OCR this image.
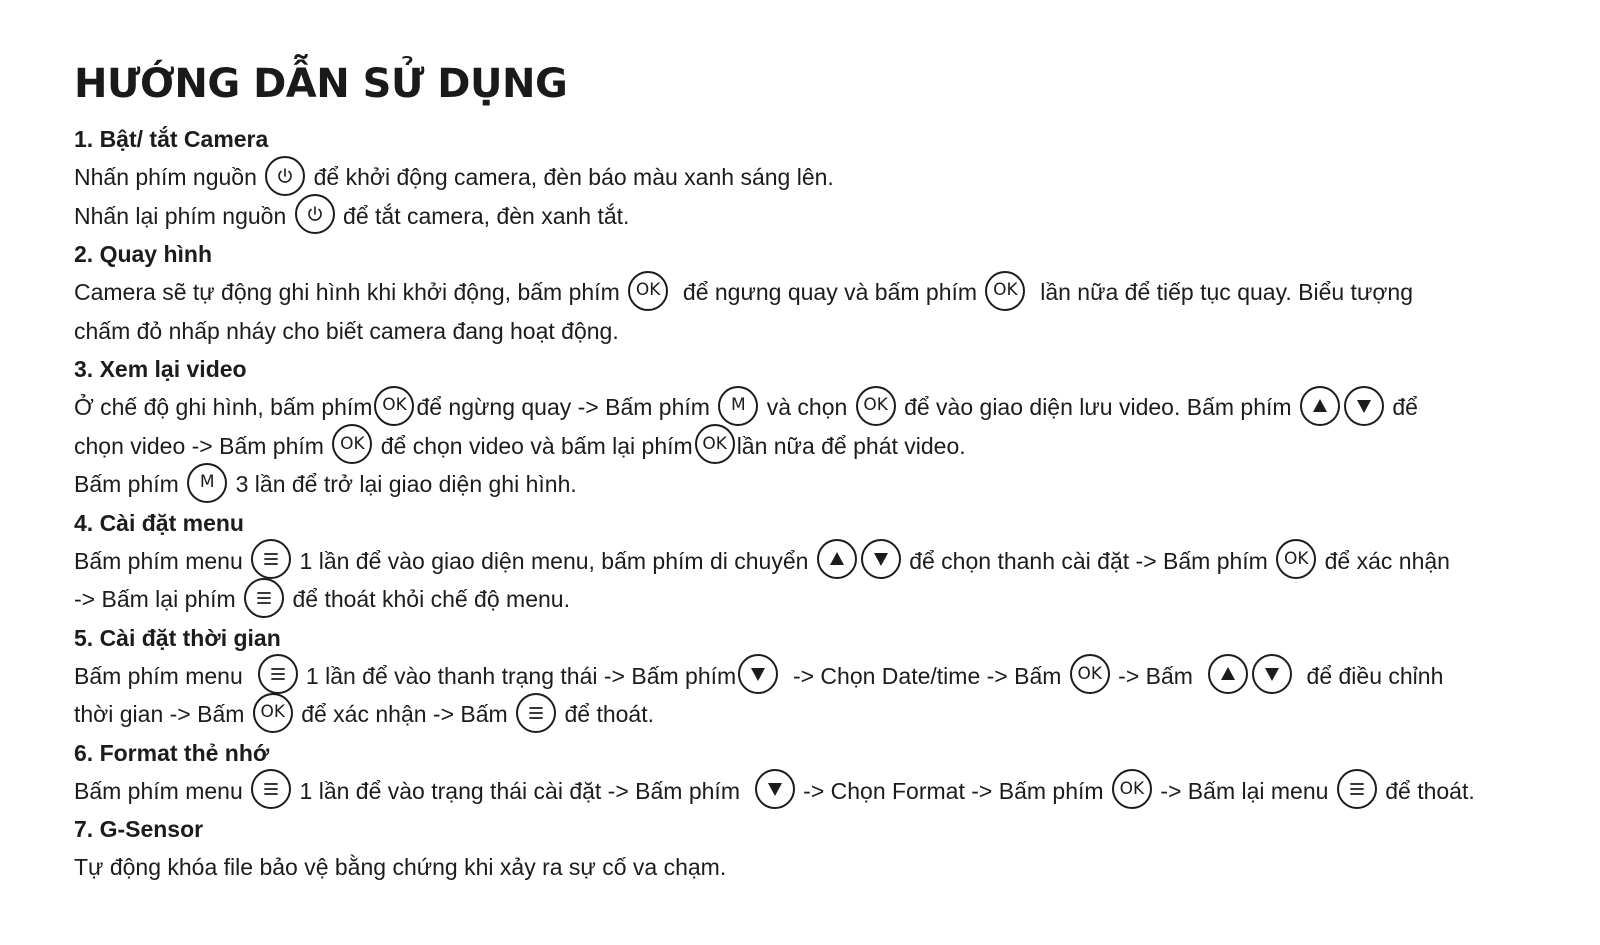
HƯỚNG DẪN SỬ DỤNG
1. Bật/ tắt Camera
Nhấn phím nguồn
để khởi động camera, đèn báo màu xanh sáng lên.
Nhấn lại phím nguồn
để tắt camera, đèn xanh tắt.
2. Quay hình
Camera sẽ tự động ghi hình khi khởi động, bấm phím OK  để ngưng quay và bấm phím OK  lần nữa để tiếp tục quay. Biểu tượng
chấm đỏ nhấp nháy cho biết camera đang hoạt động.
3. Xem lại video
Ở chế độ ghi hình, bấm phím OK để ngừng quay -> Bấm phím M và chọn OK để vào giao diện lưu video. Bấm phím	để
chọn video -> Bấm phím OK để chọn video và bấm lại phím OK lần nữa để phát video.
Bấm phím M 3 lần để trở lại giao diện ghi hình.
4. Cài đặt menu
Bấm phím menu
1 lần để vào giao diện menu, bấm phím di chuyển	để chọn thanh cài đặt -> Bấm phím OK để xác nhận
-> Bấm lại phím
để thoát khỏi chế độ menu.
5. Cài đặt thời gian
Bấm phím menu
1 lần để vào thanh trạng thái -> Bấm phím
-> Chọn Date/time -> Bấm OK -> Bấm	để điều chỉnh
thời gian -> Bấm OK để xác nhận -> Bấm
để thoát.
6. Format thẻ nhớ
Bấm phím menu
1 lần để vào trạng thái cài đặt -> Bấm phím
-> Chọn Format -> Bấm phím OK -> Bấm lại menu
để thoát.
7. G-Sensor
Tự động khóa file bảo vệ bằng chứng khi xảy ra sự cố va chạm.
